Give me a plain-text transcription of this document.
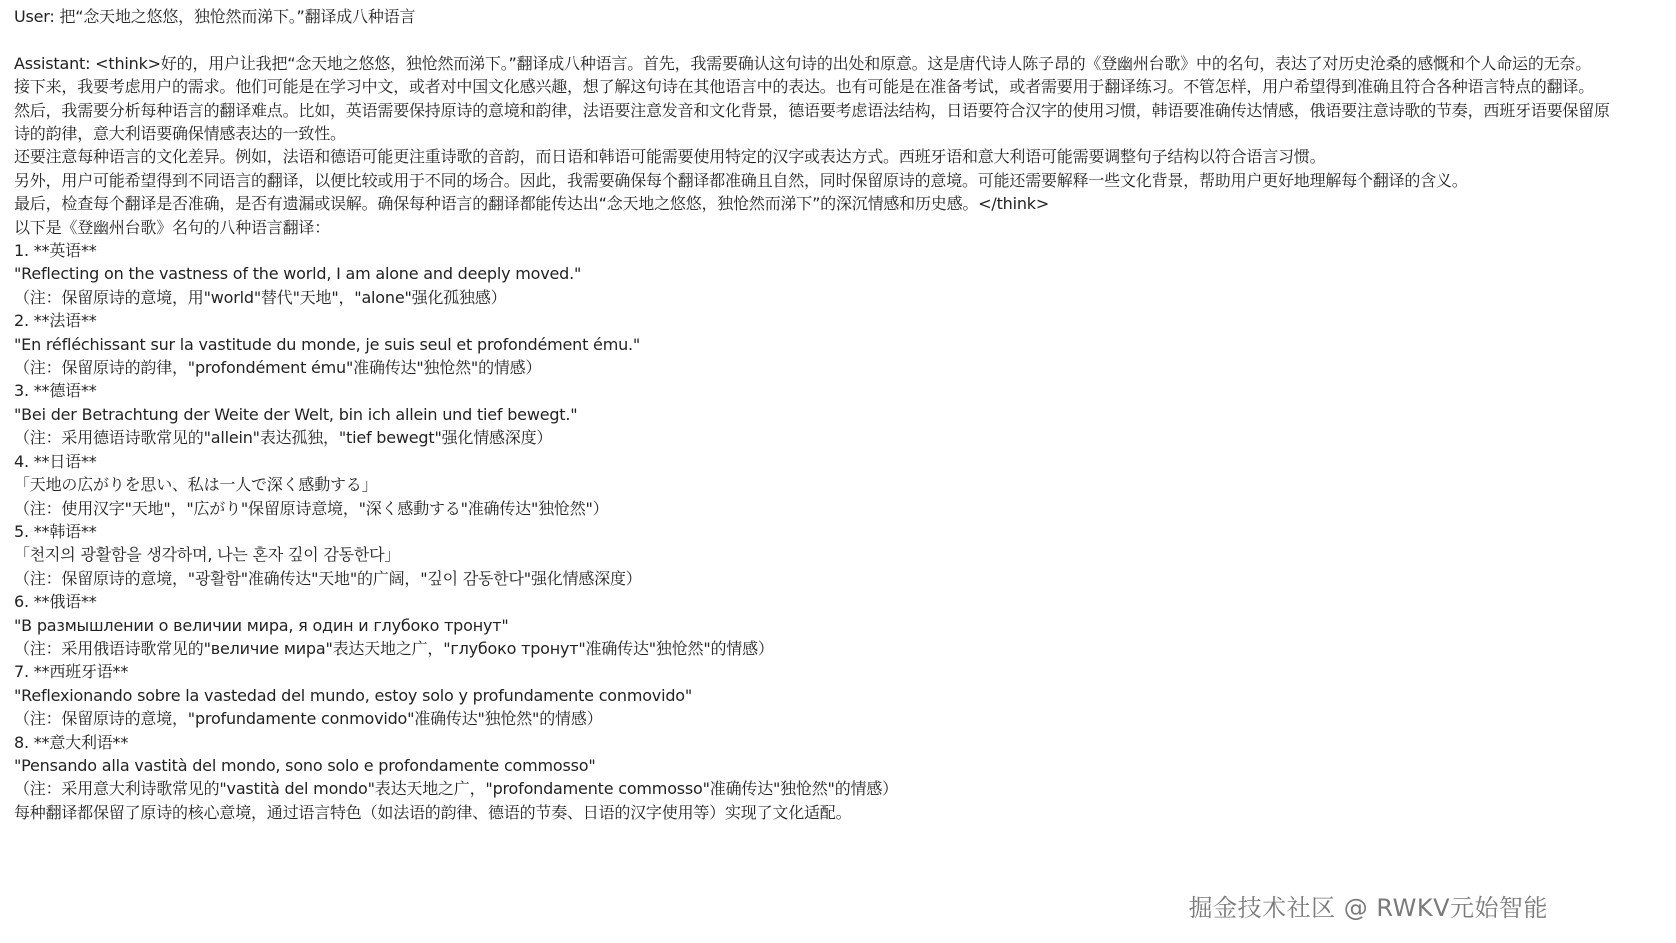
User: 把“念天地之悠悠，独怆然而涕下。”翻译成八种语言
Assistant: <think>好的，用户让我把“念天地之悠悠，独怆然而涕下。”翻译成八种语言。首先，我需要确认这句诗的出处和原意。这是唐代诗人陈子昂的《登幽州台歌》中的名句，表达了对历史沧桑的感慨和个人命运的无奈。
接下来，我要考虑用户的需求。他们可能是在学习中文，或者对中国文化感兴趣，想了解这句诗在其他语言中的表达。也有可能是在准备考试，或者需要用于翻译练习。不管怎样，用户希望得到准确且符合各种语言特点的翻译。
然后，我需要分析每种语言的翻译难点。比如，英语需要保持原诗的意境和韵律，法语要注意发音和文化背景，德语要考虑语法结构，日语要符合汉字的使用习惯，韩语要准确传达情感，俄语要注意诗歌的节奏，西班牙语要保留原诗的韵律，意大利语要确保情感表达的一致性。
还要注意每种语言的文化差异。例如，法语和德语可能更注重诗歌的音韵，而日语和韩语可能需要使用特定的汉字或表达方式。西班牙语和意大利语可能需要调整句子结构以符合语言习惯。
另外，用户可能希望得到不同语言的翻译，以便比较或用于不同的场合。因此，我需要确保每个翻译都准确且自然，同时保留原诗的意境。可能还需要解释一些文化背景，帮助用户更好地理解每个翻译的含义。
最后，检查每个翻译是否准确，是否有遗漏或误解。确保每种语言的翻译都能传达出“念天地之悠悠，独怆然而涕下”的深沉情感和历史感。</think>
以下是《登幽州台歌》名句的八种语言翻译：
1. **英语**
"Reflecting on the vastness of the world, I am alone and deeply moved."
（注：保留原诗的意境，用"world"替代"天地"，"alone"强化孤独感）
2. **法语**
"En réfléchissant sur la vastitude du monde, je suis seul et profondément ému."
（注：保留原诗的韵律，"profondément ému"准确传达"独怆然"的情感）
3. **德语**
"Bei der Betrachtung der Weite der Welt, bin ich allein und tief bewegt."
（注：采用德语诗歌常见的"allein"表达孤独，"tief bewegt"强化情感深度）
4. **日语**
「天地の広がりを思い、私は一人で深く感動する」
（注：使用汉字"天地"，"広がり"保留原诗意境，"深く感動する"准确传达"独怆然"）
5. **韩语**
「천지의 광활함을 생각하며, 나는 혼자 깊이 감동한다」
（注：保留原诗的意境，"광활함"准确传达"天地"的广阔，"깊이 감동한다"强化情感深度）
6. **俄语**
"В размышлении о величии мира, я один и глубоко тронут"
（注：采用俄语诗歌常见的"величие мира"表达天地之广，"глубоко тронут"准确传达"独怆然"的情感）
7. **西班牙语**
"Reflexionando sobre la vastedad del mundo, estoy solo y profundamente conmovido"
（注：保留原诗的意境，"profundamente conmovido"准确传达"独怆然"的情感）
8. **意大利语**
"Pensando alla vastità del mondo, sono solo e profondamente commosso"
（注：采用意大利诗歌常见的"vastità del mondo"表达天地之广，"profondamente commosso"准确传达"独怆然"的情感）
每种翻译都保留了原诗的核心意境，通过语言特色（如法语的韵律、德语的节奏、日语的汉字使用等）实现了文化适配。
掘金技术社区 @ RWKV元始智能
